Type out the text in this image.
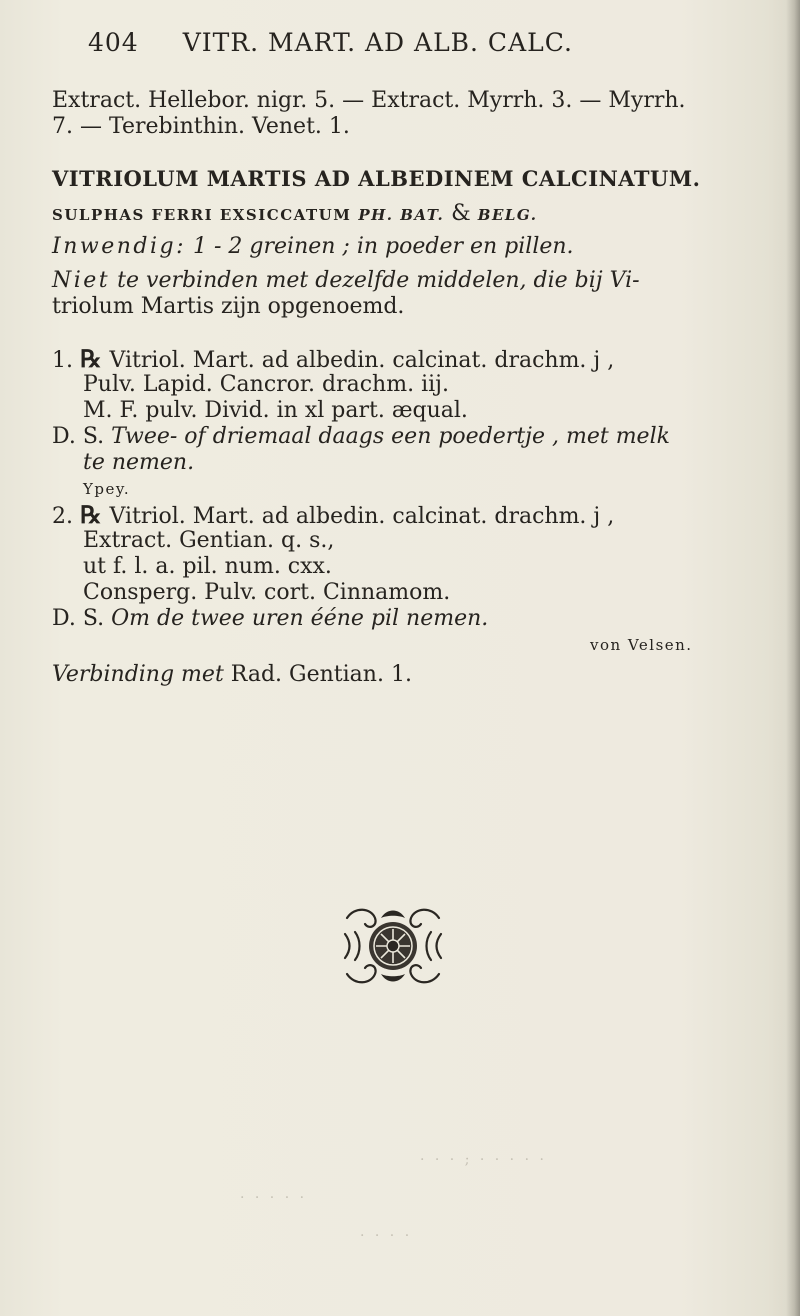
404 VITR. MART. AD ALB. CALC.
Extract. Hellebor. nigr. 5. — Extract. Myrrh. 3. — Myrrh.
7. — Terebinthin. Venet. 1.
VITRIOLUM MARTIS AD ALBEDINEM CALCINATUM.
SULPHAS FERRI EXSICCATUM PH. BAT. & BELG.
Inwendig: 1 - 2 greinen ; in poeder en pillen.
Niet te verbinden met dezelfde middelen, die bij Vi-
triolum Martis zijn opgenoemd.
1. ℞ Vitriol. Mart. ad albedin. calcinat. drachm. j ,
Pulv. Lapid. Cancror. drachm. iij.
M. F. pulv. Divid. in xl part. æqual.
D. S. Twee- of driemaal daags een poedertje , met melk
te nemen.
Ypey.
2. ℞ Vitriol. Mart. ad albedin. calcinat. drachm. j ,
Extract. Gentian. q. s.,
ut f. l. a. pil. num. cxx.
Consperg. Pulv. cort. Cinnamom.
D. S. Om de twee uren ééne pil nemen.
von Velsen.
Verbinding met Rad. Gentian. 1.
· · · ; · · · · ·
· · · · ·
· · · ·
